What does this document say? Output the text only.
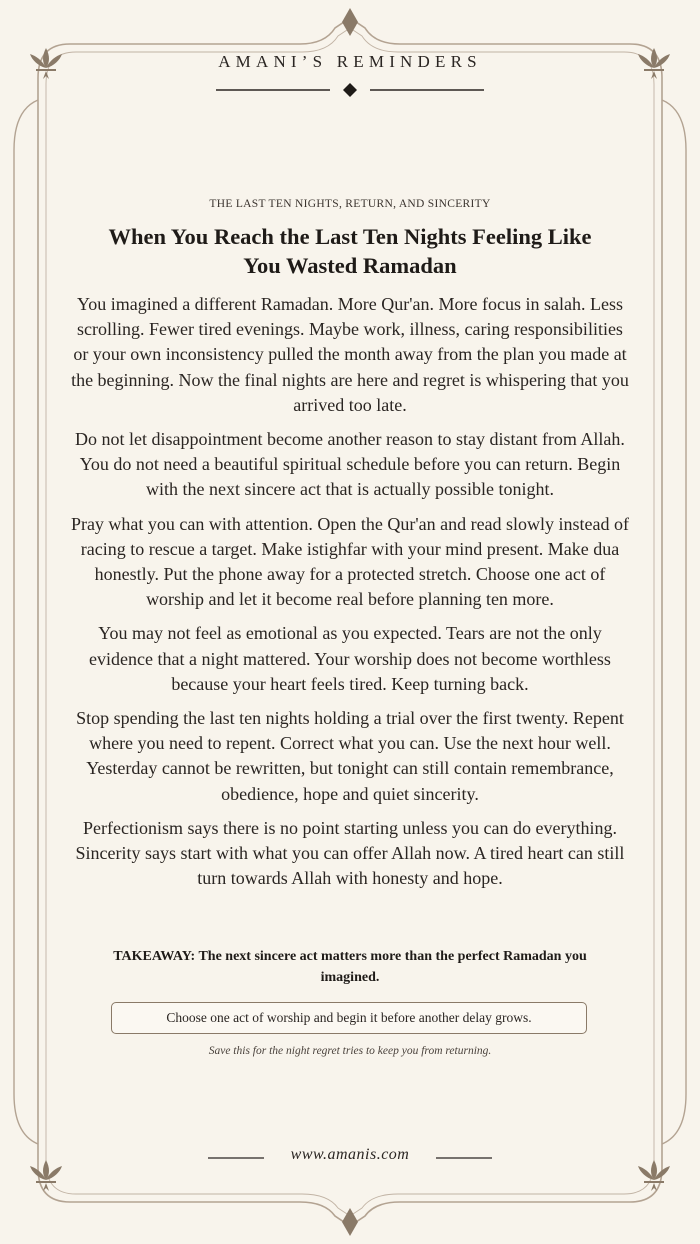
AMANI’S REMINDERS
THE LAST TEN NIGHTS, RETURN, AND SINCERITY
When You Reach the Last Ten Nights Feeling Like You Wasted Ramadan

You imagined a different Ramadan. More Qur'an. More focus in salah. Less scrolling. Fewer tired evenings. Maybe work, illness, caring responsibilities or your own inconsistency pulled the month away from the plan you made at the beginning. Now the final nights are here and regret is whispering that you arrived too late.

Do not let disappointment become another reason to stay distant from Allah. You do not need a beautiful spiritual schedule before you can return. Begin with the next sincere act that is actually possible tonight.

Pray what you can with attention. Open the Qur'an and read slowly instead of racing to rescue a target. Make istighfar with your mind present. Make dua honestly. Put the phone away for a protected stretch. Choose one act of worship and let it become real before planning ten more.

You may not feel as emotional as you expected. Tears are not the only evidence that a night mattered. Your worship does not become worthless because your heart feels tired. Keep turning back.

Stop spending the last ten nights holding a trial over the first twenty. Repent where you need to repent. Correct what you can. Use the next hour well. Yesterday cannot be rewritten, but tonight can still contain remembrance, obedience, hope and quiet sincerity.

Perfectionism says there is no point starting unless you can do everything. Sincerity says start with what you can offer Allah now. A tired heart can still turn towards Allah with honesty and hope.

TAKEAWAY: The next sincere act matters more than the perfect Ramadan you imagined.
Choose one act of worship and begin it before another delay grows.
Save this for the night regret tries to keep you from returning.
www.amanis.com
